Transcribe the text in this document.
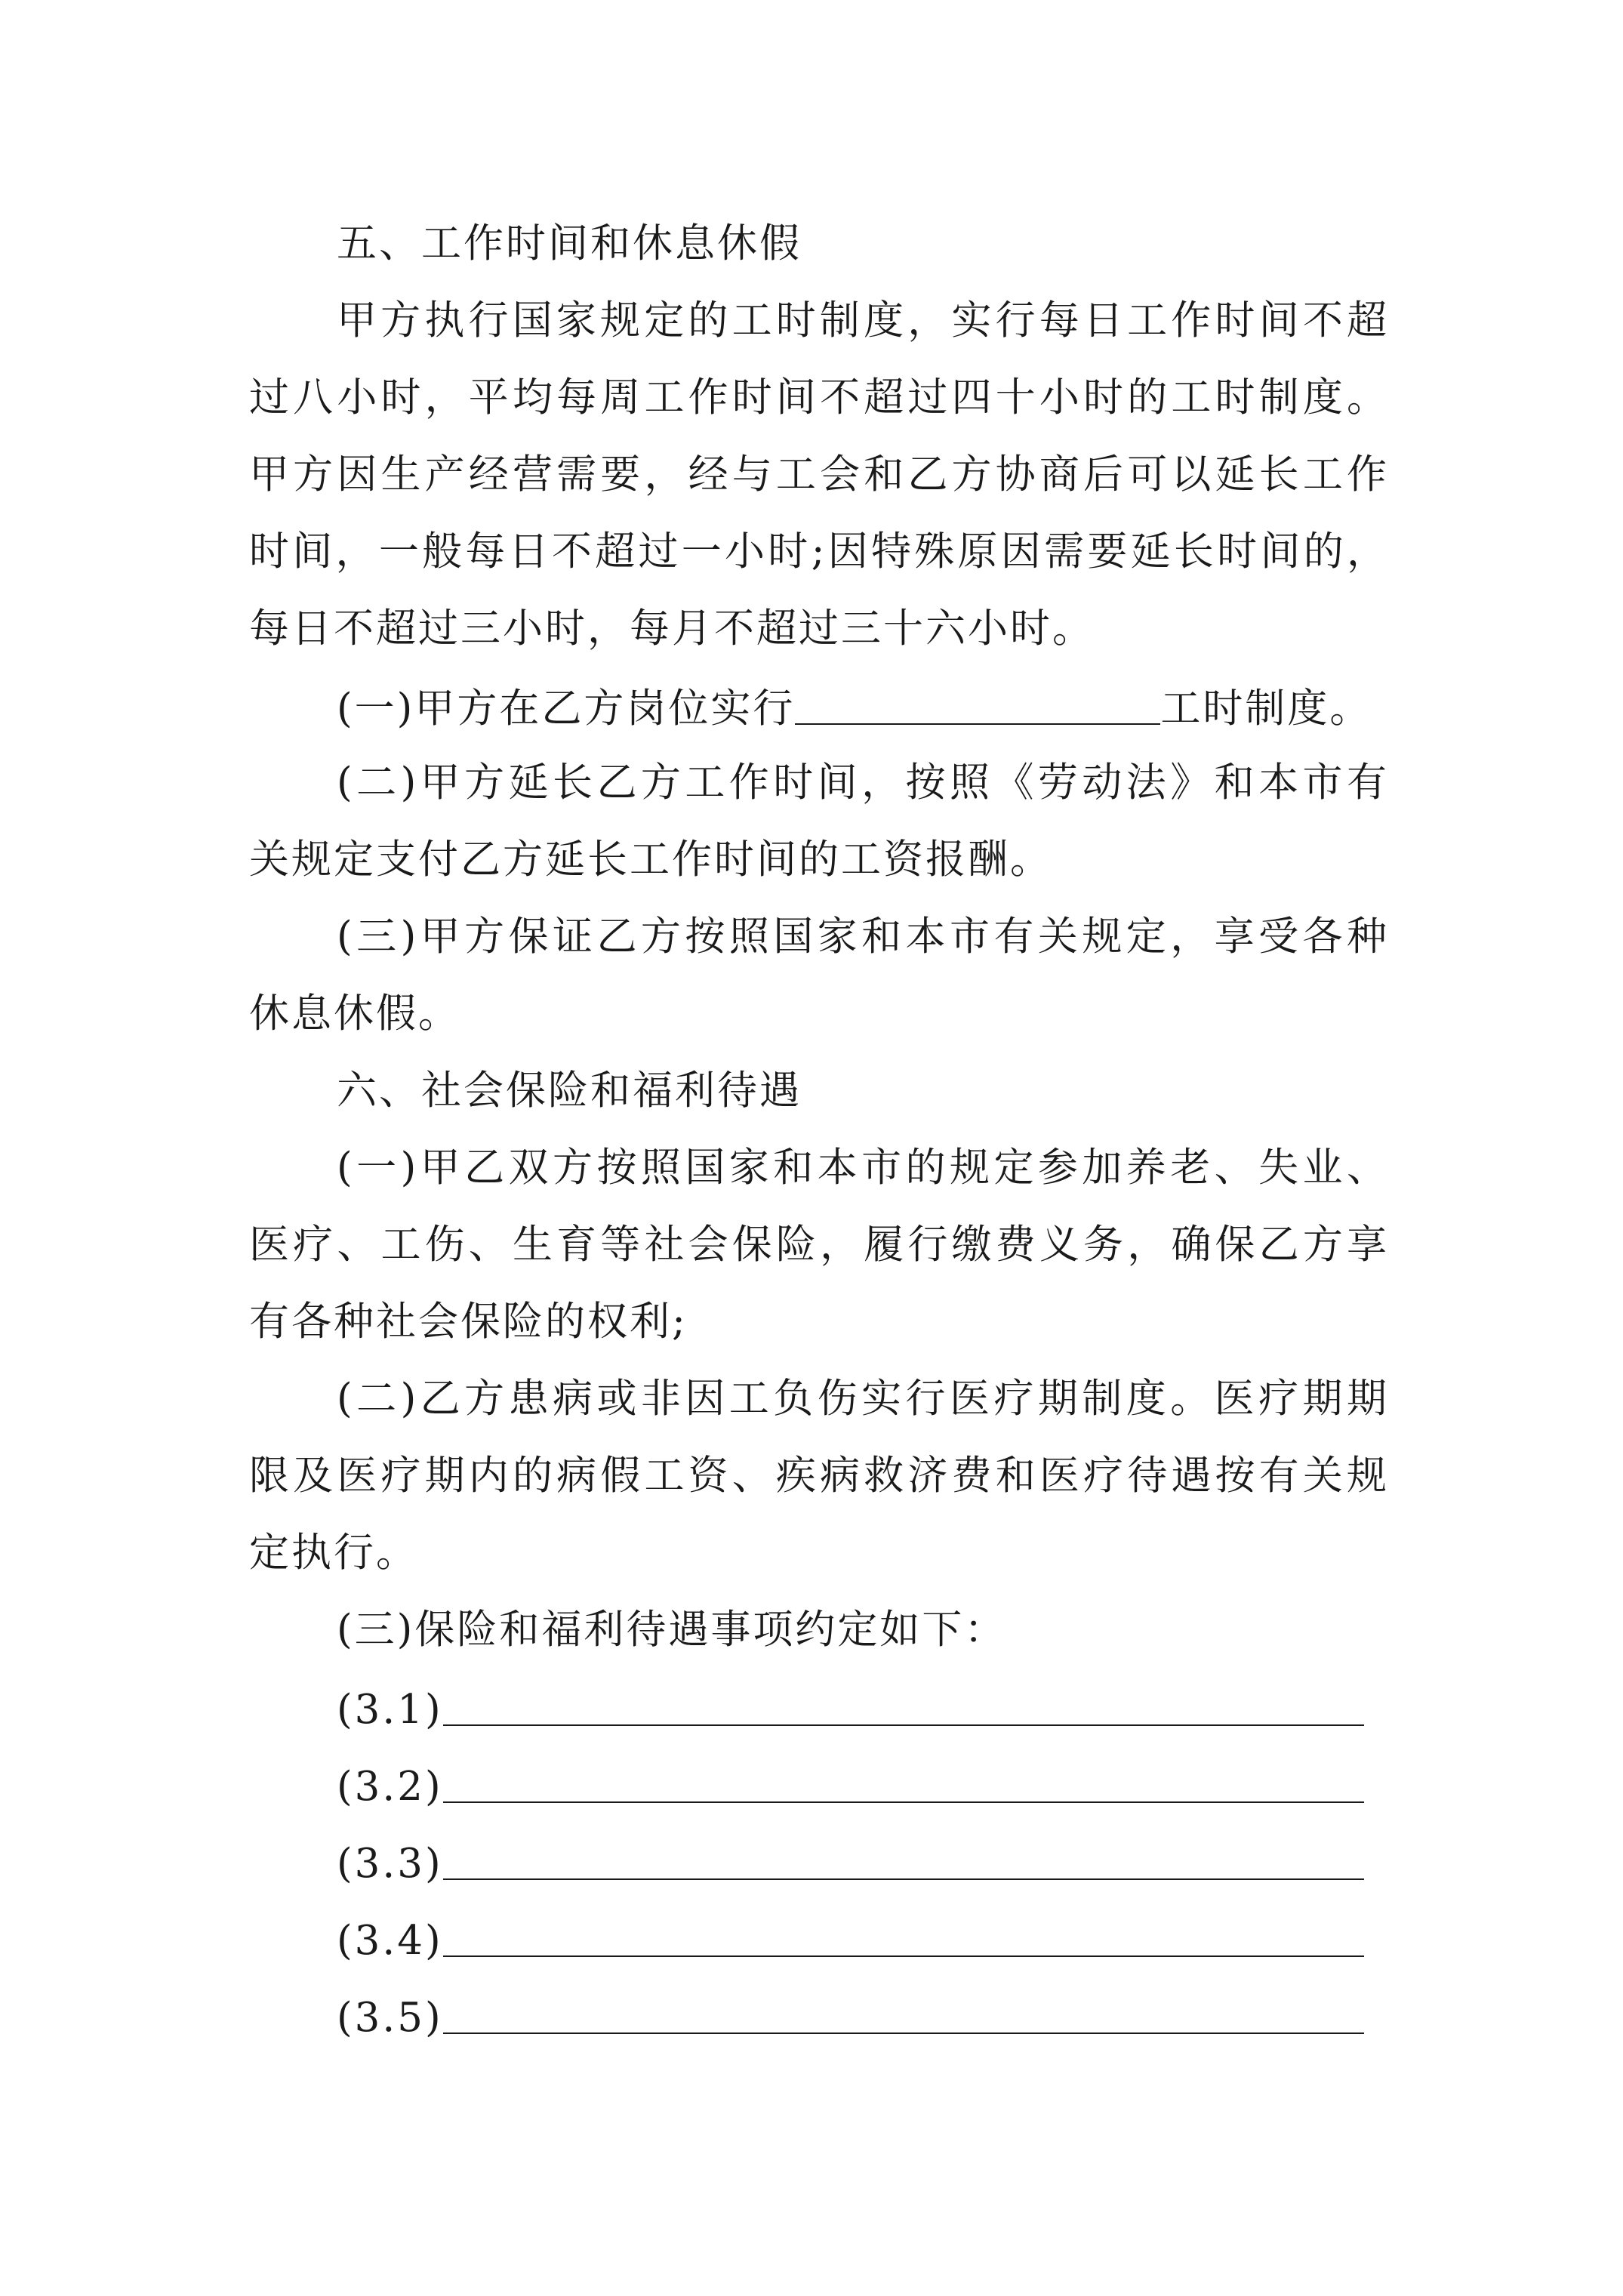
五、工作时间和休息休假
甲方执行国家规定的工时制度，实行每日工作时间不超
过八小时，平均每周工作时间不超过四十小时的工时制度。
甲方因生产经营需要，经与工会和乙方协商后可以延长工作
时间，一般每日不超过一小时;因特殊原因需要延长时间的，
每日不超过三小时，每月不超过三十六小时。
(一)甲方在乙方岗位实行	工时制度。
(二)甲方延长乙方工作时间，按照《劳动法》和本市有
关规定支付乙方延长工作时间的工资报酬。
(三)甲方保证乙方按照国家和本市有关规定，享受各种
休息休假。
六、社会保险和福利待遇
(一)甲乙双方按照国家和本市的规定参加养老、失业、
医疗、工伤、生育等社会保险，履行缴费义务，确保乙方享
有各种社会保险的权利;
(二)乙方患病或非因工负伤实行医疗期制度。医疗期期
限及医疗期内的病假工资、疾病救济费和医疗待遇按有关规
定执行。
(三)保险和福利待遇事项约定如下：
(3.1)
(3.2)
(3.3)
(3.4)
(3.5)
